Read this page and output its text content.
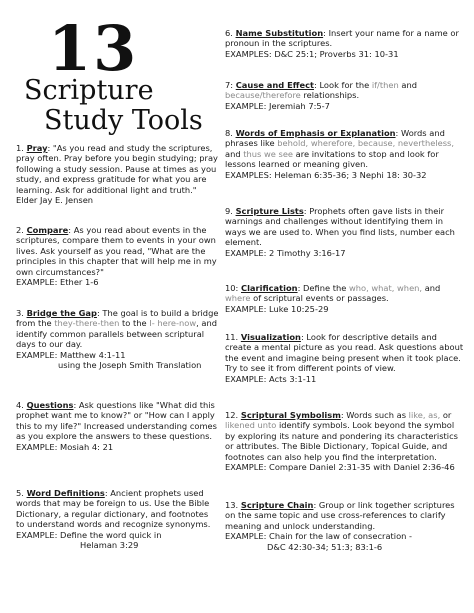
13
Scripture
Study Tools

1. Pray: "As you read and study the scriptures, pray often. Pray before you begin studying; pray following a study session. Pause at times as you study, and express gratitude for what you are learning. Ask for additional light and truth." Elder Jay E. Jensen

2. Compare: As you read about events in the scriptures, compare them to events in your own lives. Ask yourself as you read, "What are the principles in this chapter that will help me in my own circumstances?"

EXAMPLE: Ether 1-6

3. Bridge the Gap: The goal is to build a bridge from the they-there-then to the I- here-now, and identify common parallels between scriptural days to our day.

EXAMPLE: Matthew 4:1-11
using the Joseph Smith Translation

4. Questions: Ask questions like "What did this prophet want me to know?" or "How can I apply this to my life?" Increased understanding comes as you explore the answers to these questions.

EXAMPLE: Mosiah 4: 21

5. Word Definitions: Ancient prophets used words that may be foreign to us. Use the Bible Dictionary, a regular dictionary, and footnotes to understand words and recognize synonyms.

EXAMPLE: Define the word quick in
Helaman 3:29

6. Name Substitution: Insert your name for a name or pronoun in the scriptures.

EXAMPLES: D&C 25:1; Proverbs 31: 10-31

7: Cause and Effect: Look for the if/then and because/therefore relationships.

EXAMPLE: Jeremiah 7:5-7

8. Words of Emphasis or Explanation: Words and phrases like behold, wherefore, because, nevertheless, and thus we see are invitations to stop and look for lessons learned or meaning given.

EXAMPLES: Heleman 6:35-36; 3 Nephi 18: 30-32

9. Scripture Lists: Prophets often gave lists in their warnings and challenges without identifying them in ways we are used to. When you find lists, number each element.

EXAMPLE: 2 Timothy 3:16-17

10: Clarification: Define the who, what, when, and where of scriptural events or passages.

EXAMPLE: Luke 10:25-29

11. Visualization: Look for descriptive details and create a mental picture as you read. Ask questions about the event and imagine being present when it took place. Try to see it from different points of view.

EXAMPLE: Acts 3:1-11

12. Scriptural Symbolism: Words such as like, as, or likened unto identify symbols. Look beyond the symbol by exploring its nature and pondering its characteristics or attributes. The Bible Dictionary, Topical Guide, and footnotes can also help you find the interpretation.

EXAMPLE: Compare Daniel 2:31-35 with Daniel 2:36-46

13. Scripture Chain: Group or link together scriptures on the same topic and use cross-references to clarify meaning and unlock understanding.

EXAMPLE: Chain for the law of consecration -
D&C 42:30-34; 51:3; 83:1-6
